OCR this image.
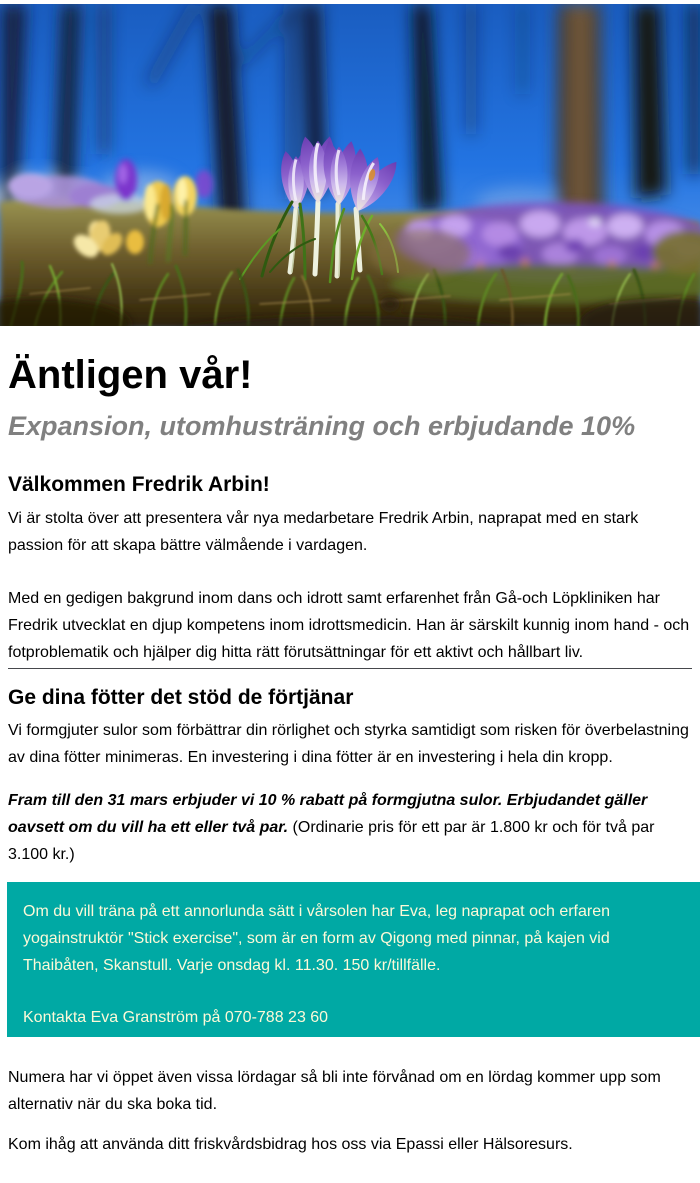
Äntligen vår!
Expansion, utomhusträning och erbjudande 10%
Välkommen Fredrik Arbin!

Vi är stolta över att presentera vår nya medarbetare Fredrik Arbin, naprapat med en stark passion för att skapa bättre välmående i vardagen.

Med en gedigen bakgrund inom dans och idrott samt erfarenhet från Gå-och Löpkliniken har Fredrik utvecklat en djup kompetens inom idrottsmedicin. Han är särskilt kunnig inom hand - och fotproblematik och hjälper dig hitta rätt förutsättningar för ett aktivt och hållbart liv.

Ge dina fötter det stöd de förtjänar

Vi formgjuter sulor som förbättrar din rörlighet och styrka samtidigt som risken för överbelastning av dina fötter minimeras. En investering i dina fötter är en investering i hela din kropp.

Fram till den 31 mars erbjuder vi 10 % rabatt på formgjutna sulor. Erbjudandet gäller oavsett om du vill ha ett eller två par. (Ordinarie pris för ett par är 1.800 kr och för två par 3.100 kr.)

Om du vill träna på ett annorlunda sätt i vårsolen har Eva, leg naprapat och erfaren yogainstruktör "Stick exercise", som är en form av Qigong med pinnar, på kajen vid Thaibåten, Skanstull. Varje onsdag kl. 11.30. 150 kr/tillfälle.

Kontakta Eva Granström på 070-788 23 60

Numera har vi öppet även vissa lördagar så bli inte förvånad om en lördag kommer upp som alternativ när du ska boka tid.

Kom ihåg att använda ditt friskvårdsbidrag hos oss via Epassi eller Hälsoresurs.
